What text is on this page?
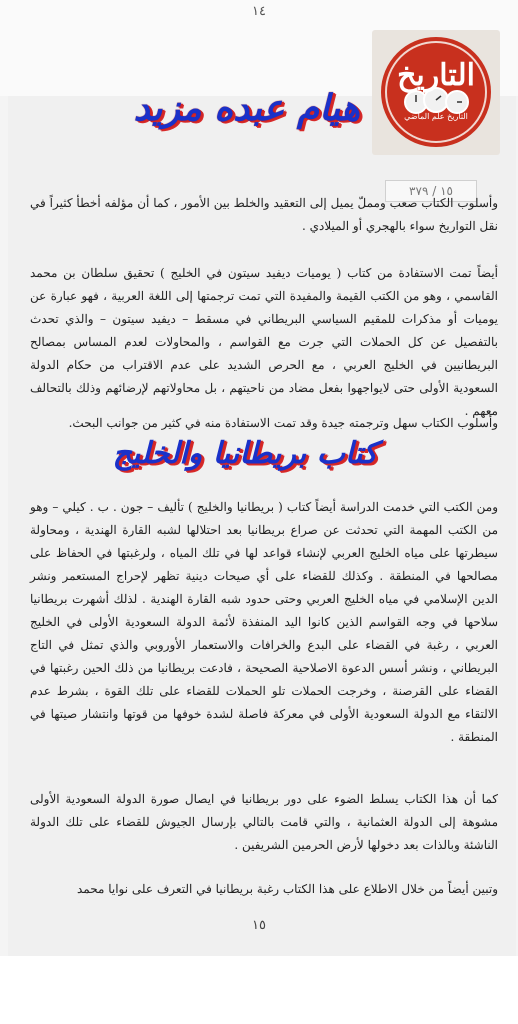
١٤
التاريخ
التاريخ علم الماضي
هيام عبده مزيد
١٥ / ٣٧٩
وأسلوب الكتاب صعب ومملّ يميل إلى التعقيد والخلط بين الأمور ، كما أن مؤلفه أخطأ كثيراً في نقل التواريخ سواء بالهجري أو الميلادي .
أيضاً تمت الاستفادة من كتاب ( يوميات ديفيد سيتون في الخليج ) تحقيق سلطان بن محمد القاسمي ، وهو من الكتب القيمة والمفيدة التي تمت ترجمتها إلى اللغة العربية ، فهو عبارة عن يوميات أو مذكرات للمقيم السياسي البريطاني في مسقط – ديفيد سيتون – والذي تحدث بالتفصيل عن كل الحملات التي جرت مع القواسم ، والمحاولات لعدم المساس بمصالح البريطانيين في الخليج العربي ، مع الحرص الشديد على عدم الاقتراب من حكام الدولة السعودية الأولى حتى لايواجهوا بفعل مضاد من ناحيتهم ، بل محاولاتهم لإرضائهم وذلك بالتحالف معهم .
وأسلوب الكتاب سهل وترجمته جيدة وقد تمت الاستفادة منه في كثير من جوانب البحث.
كتاب بريطانيا والخليج
ومن الكتب التي خدمت الدراسة أيضاً كتاب ( بريطانيا والخليج ) تأليف – جون . ب . كيلي – وهو من الكتب المهمة التي تحدثت عن صراع بريطانيا بعد احتلالها لشبه القارة الهندية ، ومحاولة سيطرتها على مياه الخليج العربي لإنشاء قواعد لها في تلك المياه ، ولرغبتها في الحفاظ على مصالحها في المنطقة . وكذلك للقضاء على أي صيحات دينية تظهر لإحراج المستعمر ونشر الدين الإسلامي في مياه الخليج العربي وحتى حدود شبه القارة الهندية . لذلك أشهرت بريطانيا سلاحها في وجه القواسم الذين كانوا اليد المنفذة لأئمة الدولة السعودية الأولى في الخليج العربي ، رغبة في القضاء على البدع والخرافات والاستعمار الأوروبي والذي تمثل في التاج البريطاني ، ونشر أسس الدعوة الاصلاحية الصحيحة ، فادعت بريطانيا من ذلك الحين رغبتها في القضاء على القرصنة ، وخرجت الحملات تلو الحملات للقضاء على تلك القوة ، بشرط عدم الالتقاء مع الدولة السعودية الأولى في معركة فاصلة لشدة خوفها من قوتها وانتشار صيتها في المنطقة .
كما أن هذا الكتاب يسلط الضوء على دور بريطانيا في ايصال صورة الدولة السعودية الأولى مشوهة إلى الدولة العثمانية ، والتي قامت بالتالي بإرسال الجيوش للقضاء على تلك الدولة الناشئة وبالذات بعد دخولها لأرض الحرمين الشريفين .
وتبين أيضاً من خلال الاطلاع على هذا الكتاب رغبة بريطانيا في التعرف على نوايا محمد
١٥
